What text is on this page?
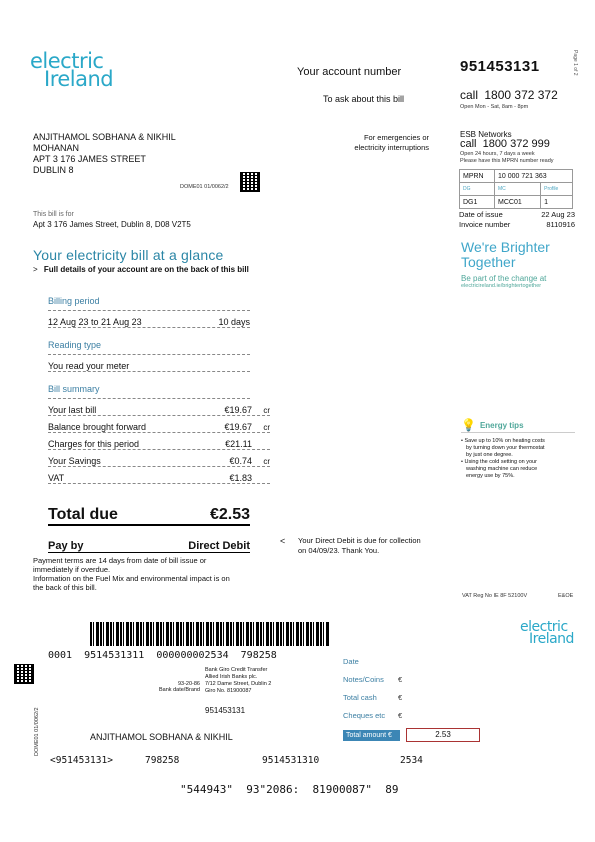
electric
Ireland
Page 1 of 2
Your account number	951453131
To ask about this bill	call 1800 372 372
Open Mon - Sat, 8am - 8pm
ANJITHAMOL SOBHANA & NIKHIL
MOHANAN
APT 3 176 JAMES STREET
DUBLIN 8
DOME01 01/0062/2
For emergencies or
electricity interruptions
ESB Networks
call 1800 372 999
Open 24 hours, 7 days a week
Please have this MPRN number ready
MPRN	10 000 721 363	
DG	MC	Profile
DG1	MCC01	1
Date of issue	22 Aug 23
Invoice number	8110916
This bill is for
Apt 3 176 James Street, Dublin 8, D08 V2T5
Your electricity bill at a glance
> Full details of your account are on the back of this bill
Billing period
12 Aug 23 to 21 Aug 23	10 days
Reading type
You read your meter
Bill summary
Your last bill	€19.67	cr
Balance brought forward	€19.67	cr
Charges for this period	€21.11
Your Savings	€0.74	cr
VAT	€1.83
Total due	€2.53
Pay by	Direct Debit
Payment terms are 14 days from date of bill issue or
immediately if overdue.
Information on the Fuel Mix and environmental impact is on
the back of this bill.
< Your Direct Debit is due for collection
on 04/09/23. Thank You.
We're Brighter
Together
Be part of the change at
electricireland.ie/brightertogether
💡 Energy tips
• Save up to 10% on heating costs
by turning down your thermostat
by just one degree.
• Using the cold setting on your
washing machine can reduce
energy use by 75%.
VAT Reg No IE 8F 52100V	E&OE
electric
Ireland
0001  9514531311  000000002534  798258
DOME01 01/0062/2
Bank Giro Credit Transfer
Allied Irish Banks plc.
7/12 Dame Street, Dublin 2
Giro No. 81900087
93-20-86
Bank date/Brand
951453131
ANJITHAMOL SOBHANA & NIKHIL
Date
Notes/Coins	€
Total cash	€
Cheques etc	€
Total amount €	2.53
<951453131>	798258	9514531310	2534
"544943"  93"2086:  81900087"  89
